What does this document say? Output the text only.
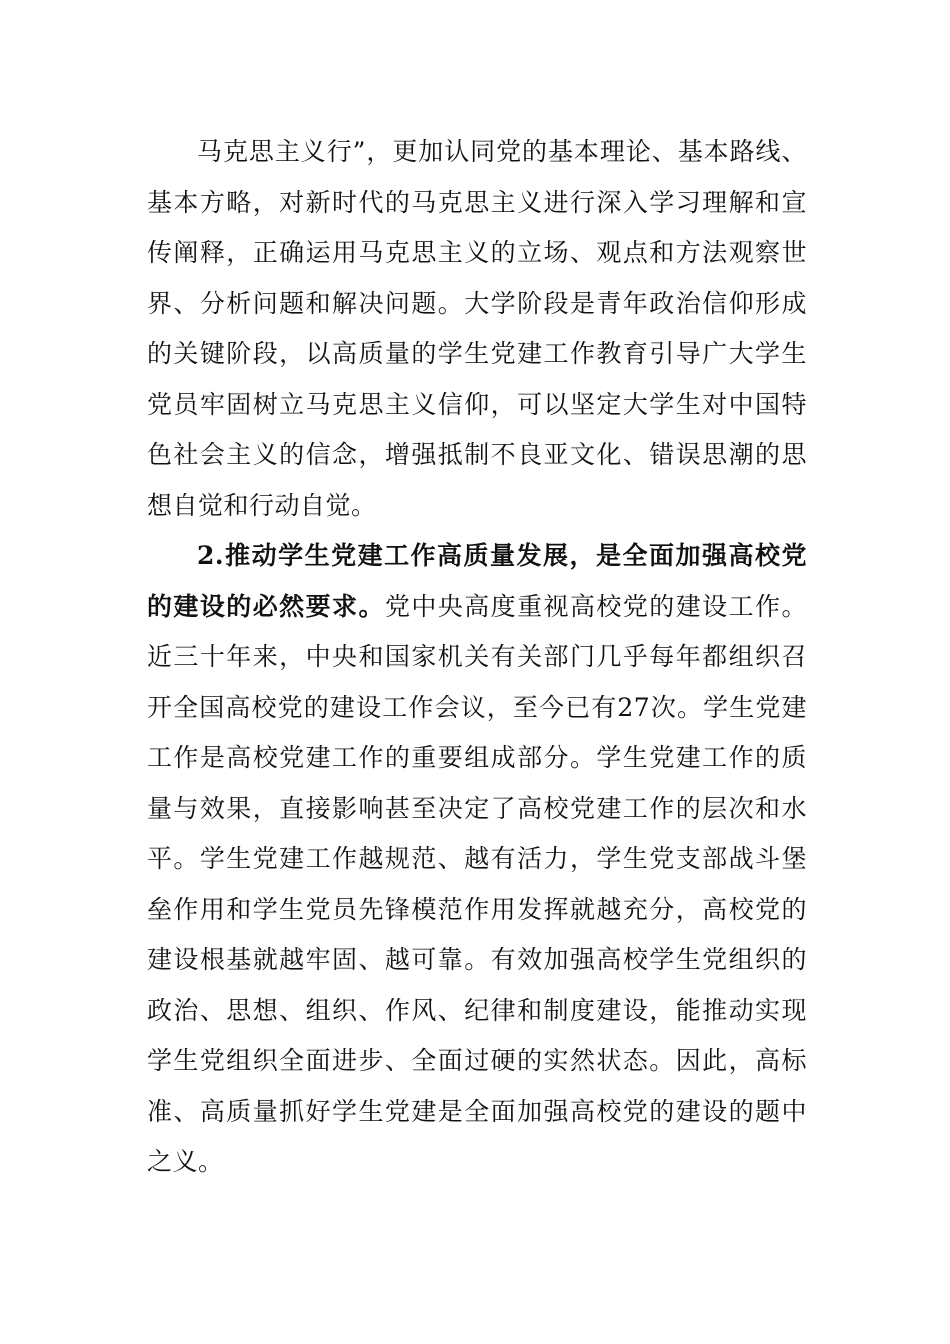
马克思主义行”，更加认同党的基本理论、基本路线、
基本方略，对新时代的马克思主义进行深入学习理解和宣
传阐释，正确运用马克思主义的立场、观点和方法观察世
界、分析问题和解决问题。大学阶段是青年政治信仰形成
的关键阶段，以高质量的学生党建工作教育引导广大学生
党员牢固树立马克思主义信仰，可以坚定大学生对中国特
色社会主义的信念，增强抵制不良亚文化、错误思潮的思
想自觉和行动自觉。
2.推动学生党建工作高质量发展，是全面加强高校党
的建设的必然要求。党中央高度重视高校党的建设工作。
近三十年来，中央和国家机关有关部门几乎每年都组织召
开全国高校党的建设工作会议，至今已有27次。学生党建
工作是高校党建工作的重要组成部分。学生党建工作的质
量与效果，直接影响甚至决定了高校党建工作的层次和水
平。学生党建工作越规范、越有活力，学生党支部战斗堡
垒作用和学生党员先锋模范作用发挥就越充分，高校党的
建设根基就越牢固、越可靠。有效加强高校学生党组织的
政治、思想、组织、作风、纪律和制度建设，能推动实现
学生党组织全面进步、全面过硬的实然状态。因此，高标
准、高质量抓好学生党建是全面加强高校党的建设的题中
之义。
